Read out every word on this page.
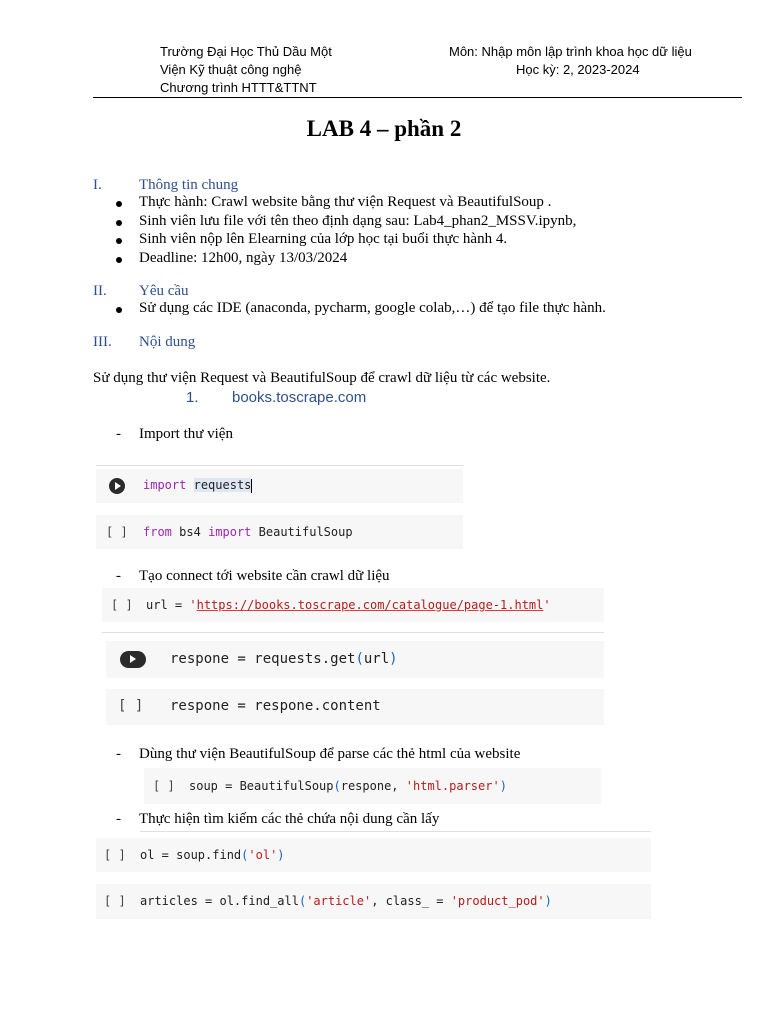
Trường Đại Học Thủ Dầu Một
Viện Kỹ thuật công nghệ
Chương trình HTTT&TTNT
Môn: Nhập môn lập trình khoa học dữ liệu
Học kỳ: 2, 2023-2024
LAB 4 – phần 2
I. Thông tin chung
Thực hành: Crawl website bằng thư viện Request và BeautifulSoup .
Sinh viên lưu file với tên theo định dạng sau: Lab4_phan2_MSSV.ipynb,
Sinh viên nộp lên Elearning của lớp học tại buổi thực hành 4.
Deadline: 12h00, ngày 13/03/2024
II. Yêu cầu
Sử dụng các IDE (anaconda, pycharm, google colab,…) để tạo file thực hành.
III. Nội dung
Sử dụng thư viện Request và BeautifulSoup để crawl dữ liệu từ các website.
1. books.toscrape.com
- Import thư viện
import requests
[ ] from bs4 import BeautifulSoup
- Tạo connect tới website cần crawl dữ liệu
[ ] url = 'https://books.toscrape.com/catalogue/page-1.html'
respone = requests.get(url)
[ ] respone = respone.content
- Dùng thư viện BeautifulSoup để parse các thẻ html của website
[ ] soup = BeautifulSoup(respone, 'html.parser')
- Thực hiện tìm kiếm các thẻ chứa nội dung cần lấy
[ ] ol = soup.find('ol')
[ ] articles = ol.find_all('article', class_ = 'product_pod')
